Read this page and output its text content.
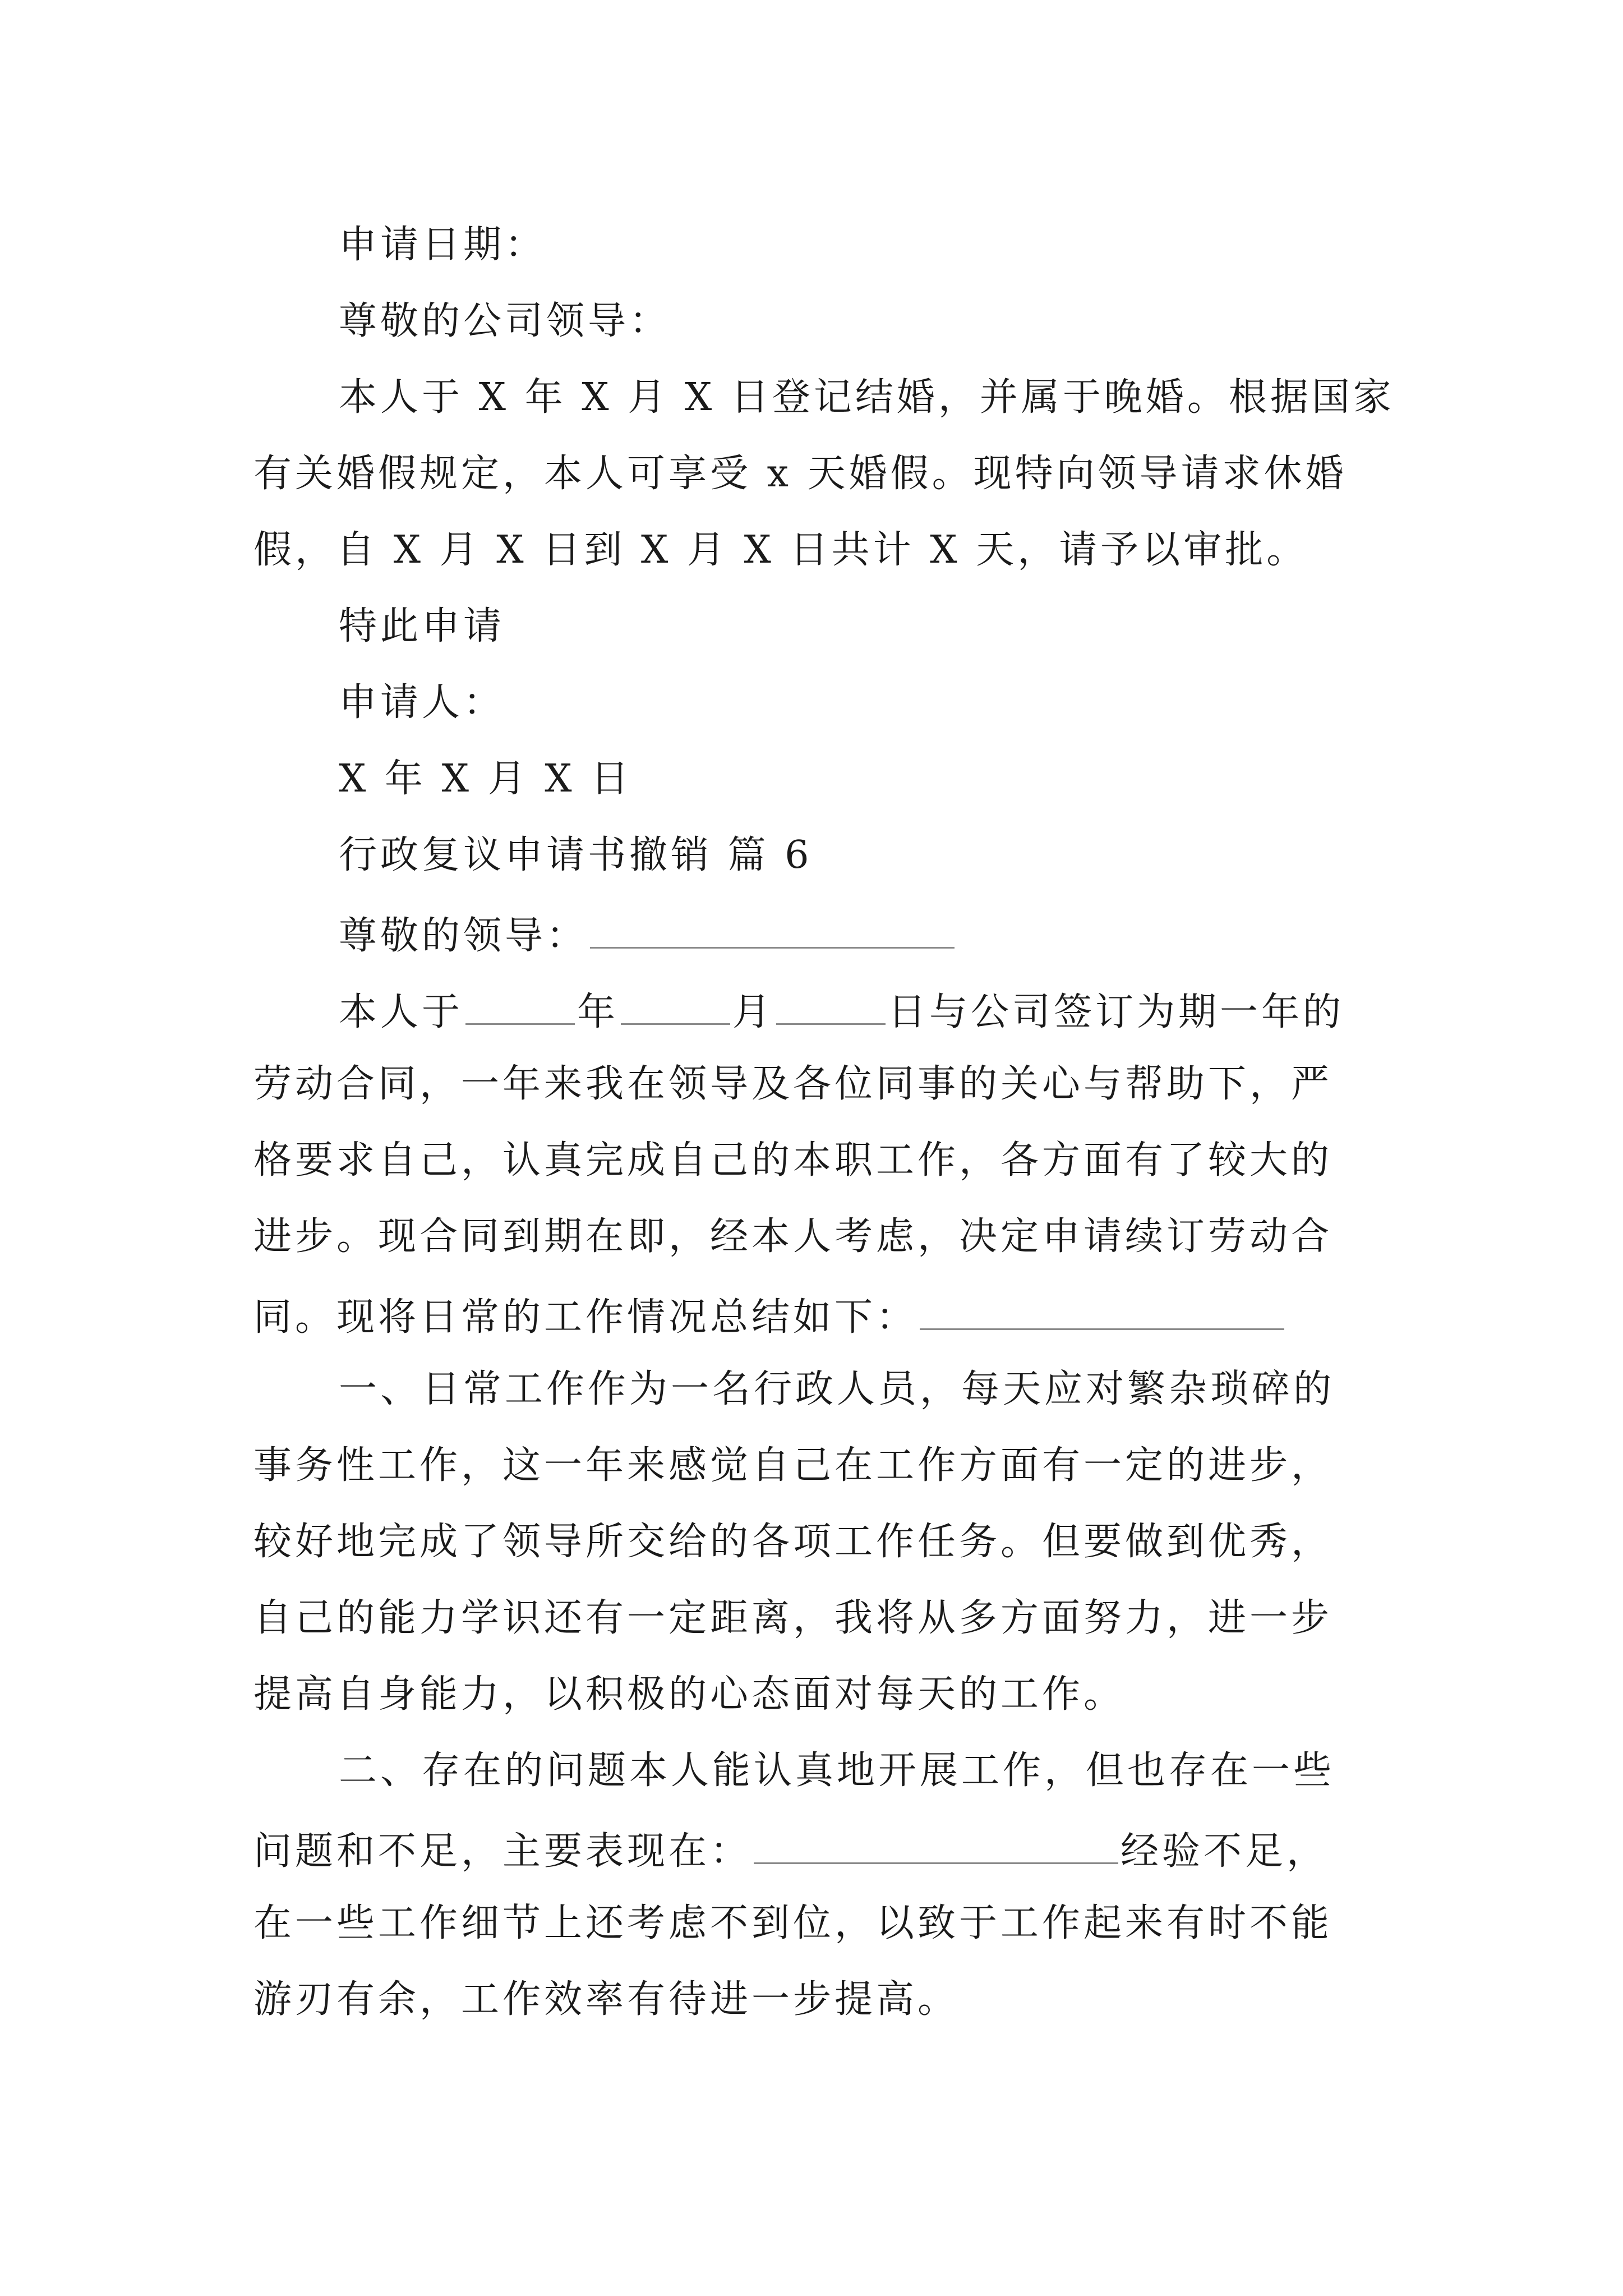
申请日期：
尊敬的公司领导：
本人于 X 年 X 月 X 日登记结婚，并属于晚婚。根据国家
有关婚假规定，本人可享受 x 天婚假。现特向领导请求休婚
假，自 X 月 X 日到 X 月 X 日共计 X 天，请予以审批。
特此申请
申请人：
X 年 X 月 X 日
行政复议申请书撤销 篇 6
尊敬的领导：
本人于	年	月	日与公司签订为期一年的
劳动合同，一年来我在领导及各位同事的关心与帮助下，严
格要求自己，认真完成自己的本职工作，各方面有了较大的
进步。现合同到期在即，经本人考虑，决定申请续订劳动合
同。现将日常的工作情况总结如下：
一、日常工作作为一名行政人员，每天应对繁杂琐碎的
事务性工作，这一年来感觉自己在工作方面有一定的进步，
较好地完成了领导所交给的各项工作任务。但要做到优秀，
自己的能力学识还有一定距离，我将从多方面努力，进一步
提高自身能力，以积极的心态面对每天的工作。
二、存在的问题本人能认真地开展工作，但也存在一些
问题和不足，主要表现在：	经验不足，
在一些工作细节上还考虑不到位，以致于工作起来有时不能
游刃有余，工作效率有待进一步提高。
